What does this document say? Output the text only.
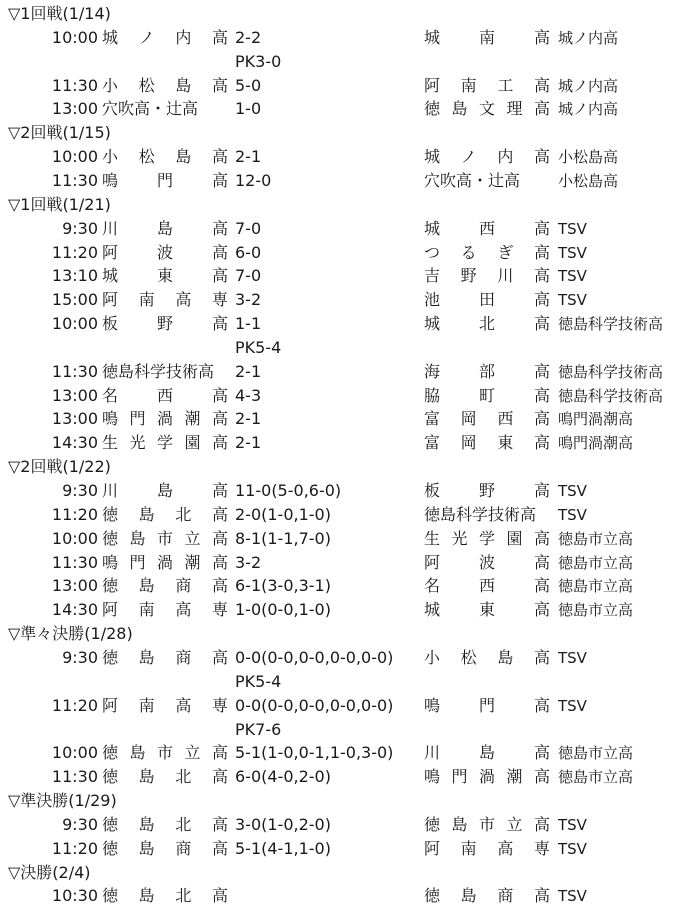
▽1回戦(1/14)
10:00 城 ノ 内 高 2-2	城 南 高 城ノ内高
PK3-0
11:30 小 松 島 高 5-0	阿 南 工 高 城ノ内高
13:00 穴吹高・辻高 1-0	徳 島 文 理 高 城ノ内高
▽2回戦(1/15)
10:00 小 松 島 高 2-1	城 ノ 内 高 小松島高
11:30 鳴 門 高 12-0	穴吹高・辻高	小松島高
▽1回戦(1/21)
9:30 川 島 高 7-0	城 西 高 TSV
11:20 阿 波 高 6-0	つ る ぎ 高 TSV
13:10 城 東 高 7-0	吉 野 川 高 TSV
15:00 阿 南 高 専 3-2	池 田 高 TSV
10:00 板 野 高 1-1	城 北 高 徳島科学技術高
PK5-4
11:30 徳島科学技術高 2-1	海 部 高 徳島科学技術高
13:00 名 西 高 4-3	脇 町 高 徳島科学技術高
13:00 鳴 門 渦 潮 高 2-1	富 岡 西 高 鳴門渦潮高
14:30 生 光 学 園 高 2-1	富 岡 東 高 鳴門渦潮高
▽2回戦(1/22)
9:30 川 島 高 11-0(5-0,6-0)	板 野 高 TSV
11:20 徳 島 北 高 2-0(1-0,1-0)	徳島科学技術高 TSV
10:00 徳 島 市 立 高 8-1(1-1,7-0)	生 光 学 園 高 徳島市立高
11:30 鳴 門 渦 潮 高 3-2	阿 波 高 徳島市立高
13:00 徳 島 商 高 6-1(3-0,3-1)	名 西 高 徳島市立高
14:30 阿 南 高 専 1-0(0-0,1-0)	城 東 高 徳島市立高
▽準々決勝(1/28)
9:30 徳 島 商 高 0-0(0-0,0-0,0-0,0-0) 小 松 島 高 TSV
PK5-4
11:20 阿 南 高 専 0-0(0-0,0-0,0-0,0-0) 鳴 門 高 TSV
PK7-6
10:00 徳 島 市 立 高 5-1(1-0,0-1,1-0,3-0) 川 島 高 徳島市立高
11:30 徳 島 北 高 6-0(4-0,2-0)	鳴 門 渦 潮 高 徳島市立高
▽準決勝(1/29)
9:30 徳 島 北 高 3-0(1-0,2-0)	徳 島 市 立 高 TSV
11:20 徳 島 商 高 5-1(4-1,1-0)	阿 南 高 専 TSV
▽決勝(2/4)
10:30 徳 島 北 高	徳 島 商 高 TSV
